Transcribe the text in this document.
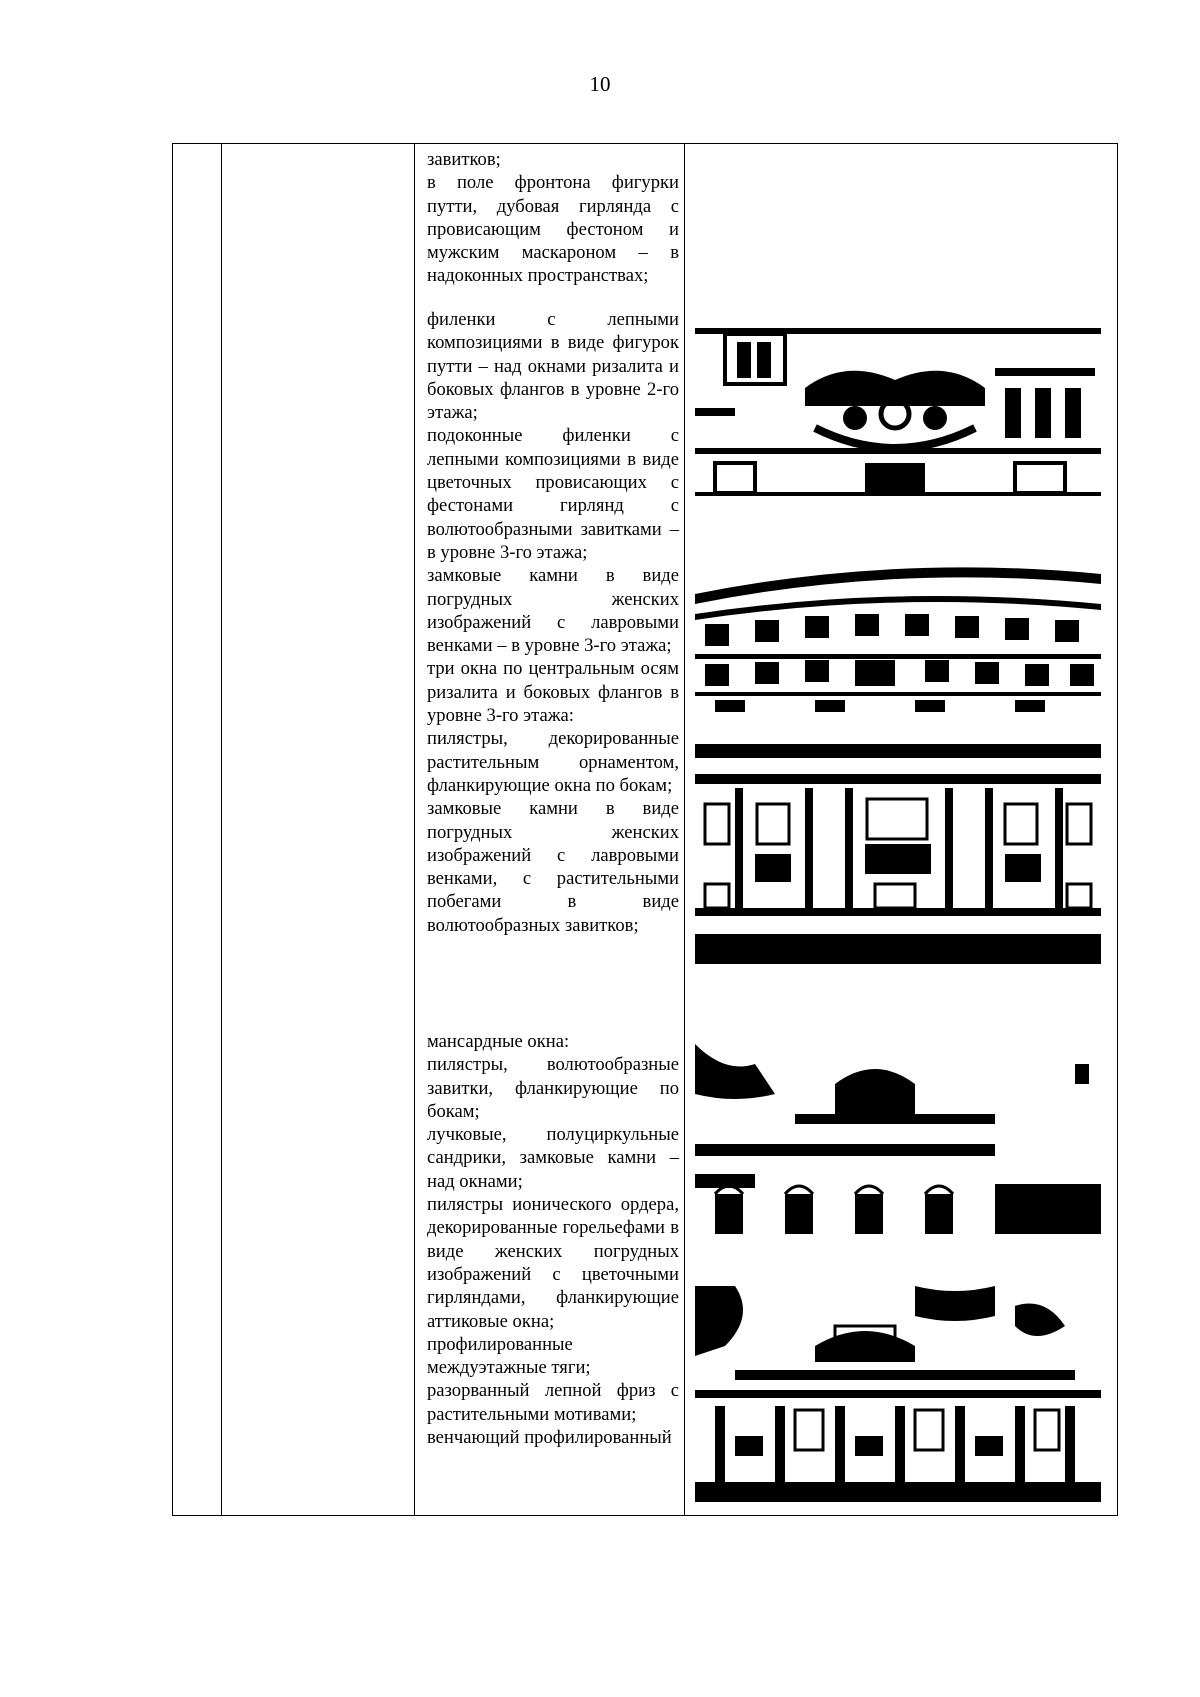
10
завитков;
в поле фронтона фигурки путти, дубовая гирлянда с провисающим фестоном и мужским маскароном – в надоконных пространствах;
филенки с лепными композициями в виде фигурок путти – над окнами ризалита и боковых флангов в уровне 2-го этажа;
подоконные филенки с лепными композициями в виде цветочных провисающих с фестонами гирлянд с волютообразными завитками – в уровне 3-го этажа;
замковые камни в виде погрудных женских изображений с лавровыми венками – в уровне 3-го этажа;
три окна по центральным осям ризалита и боковых флангов в уровне 3-го этажа:
пилястры, декорированные растительным орнаментом, фланкирующие окна по бокам;
замковые камни в виде погрудных женских изображений с лавровыми венками, с растительными побегами в виде волютообразных завитков;
мансардные окна:
пилястры, волютообразные завитки, фланкирующие по бокам;
лучковые, полуциркульные сандрики, замковые камни – над окнами;
пилястры ионического ордера, декорированные горельефами в виде женских погрудных изображений с цветочными гирляндами, фланкирующие аттиковые окна;
профилированные междуэтажные тяги;
разорванный лепной фриз с растительными мотивами;
венчающий профилированный
